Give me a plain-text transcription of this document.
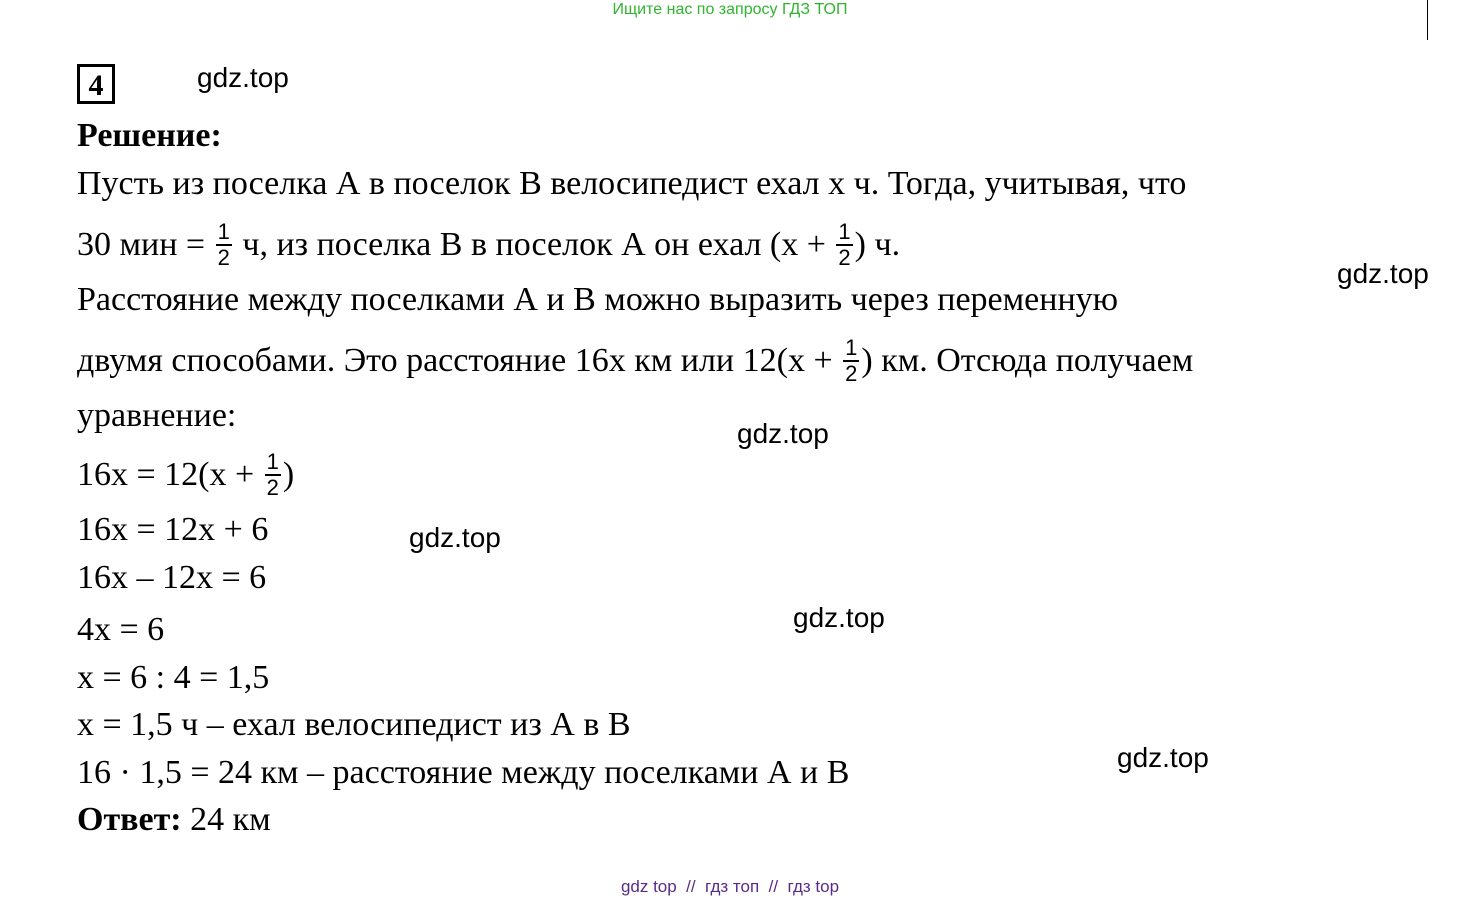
Ищите нас по запросу ГДЗ ТОП
4	gdz.top
gdz.top
gdz.top
gdz.top
gdz.top
gdz.top
Решение:
Пусть из поселка А в поселок В велосипедист ехал x ч. Тогда, учитывая, что
30 мин = $\frac{1}{2} ч$, из поселка В в поселок А он ехал ($x + \frac{1}{2}$ ) ч.
Расстояние между поселками А и В можно выразить через переменную
двумя способами. Это расстояние 16x км или $12(x + \frac{1}{2}$ ) км. Отсюда получаем
уравнение:
$16x = 12(x + \frac{1}{2}$ )
16x = 12x + 6
16x – 12x = 6
4x = 6
x = 6 : 4 = 1,5
x = 1,5 ч – ехал велосипедист из А в В
16 · 1,5 = 24 км – расстояние между поселками А и В
Ответ: 24 км
gdz top  //  гдз топ  //  гдз top
